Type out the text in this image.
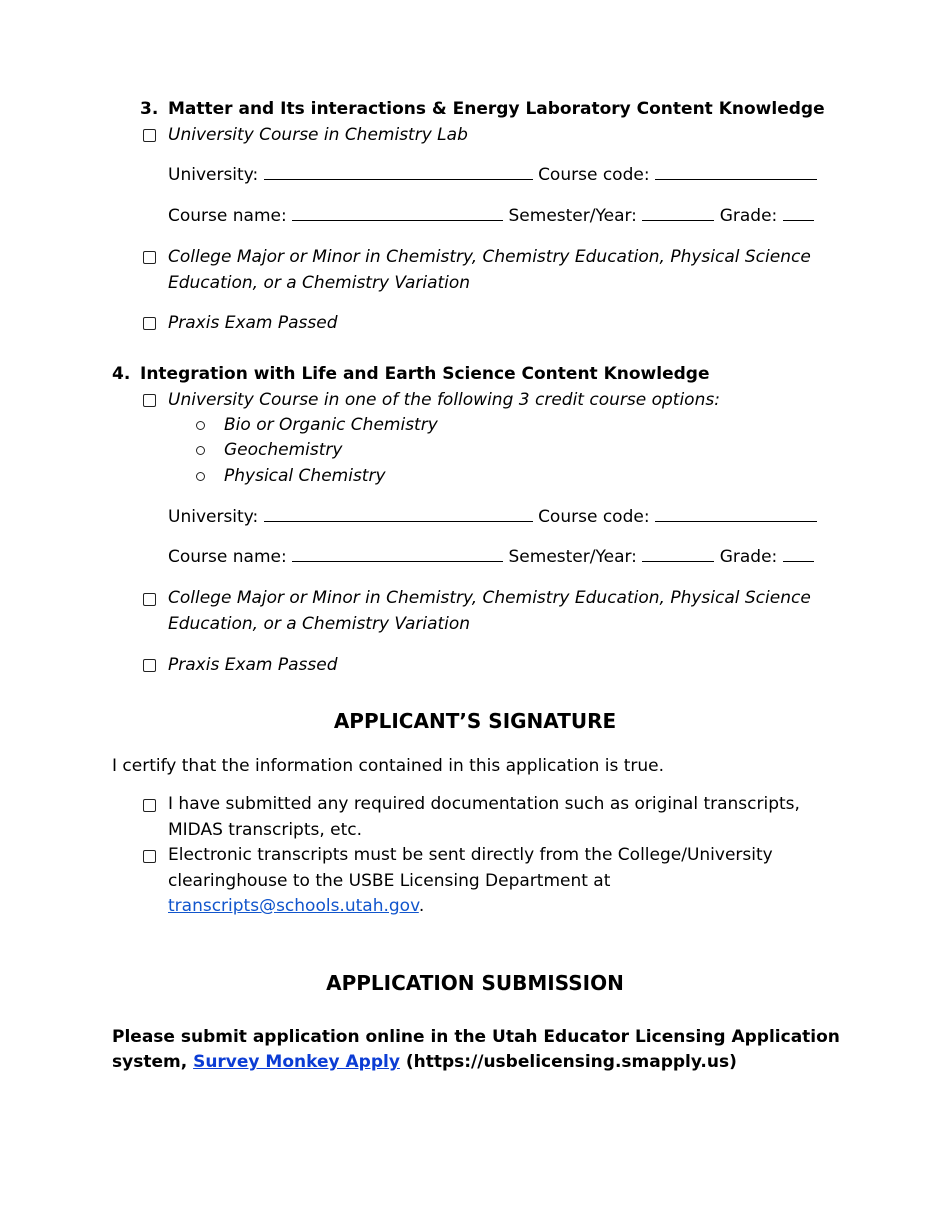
3. Matter and Its interactions & Energy Laboratory Content Knowledge
University Course in Chemistry Lab
University:	Course code:
Course name:	Semester/Year:	Grade:
College Major or Minor in Chemistry, Chemistry Education, Physical Science
Education, or a Chemistry Variation
Praxis Exam Passed
4. Integration with Life and Earth Science Content Knowledge
University Course in one of the following 3 credit course options:
Bio or Organic Chemistry
Geochemistry
Physical Chemistry
University:	Course code:
Course name:	Semester/Year:	Grade:
College Major or Minor in Chemistry, Chemistry Education, Physical Science
Education, or a Chemistry Variation
Praxis Exam Passed
APPLICANT’S SIGNATURE
I certify that the information contained in this application is true.
I have submitted any required documentation such as original transcripts,
MIDAS transcripts, etc.
Electronic transcripts must be sent directly from the College/University
clearinghouse to the USBE Licensing Department at
transcripts@schools.utah.gov.
APPLICATION SUBMISSION
Please submit application online in the Utah Educator Licensing Application
system, Survey Monkey Apply (https://usbelicensing.smapply.us)
